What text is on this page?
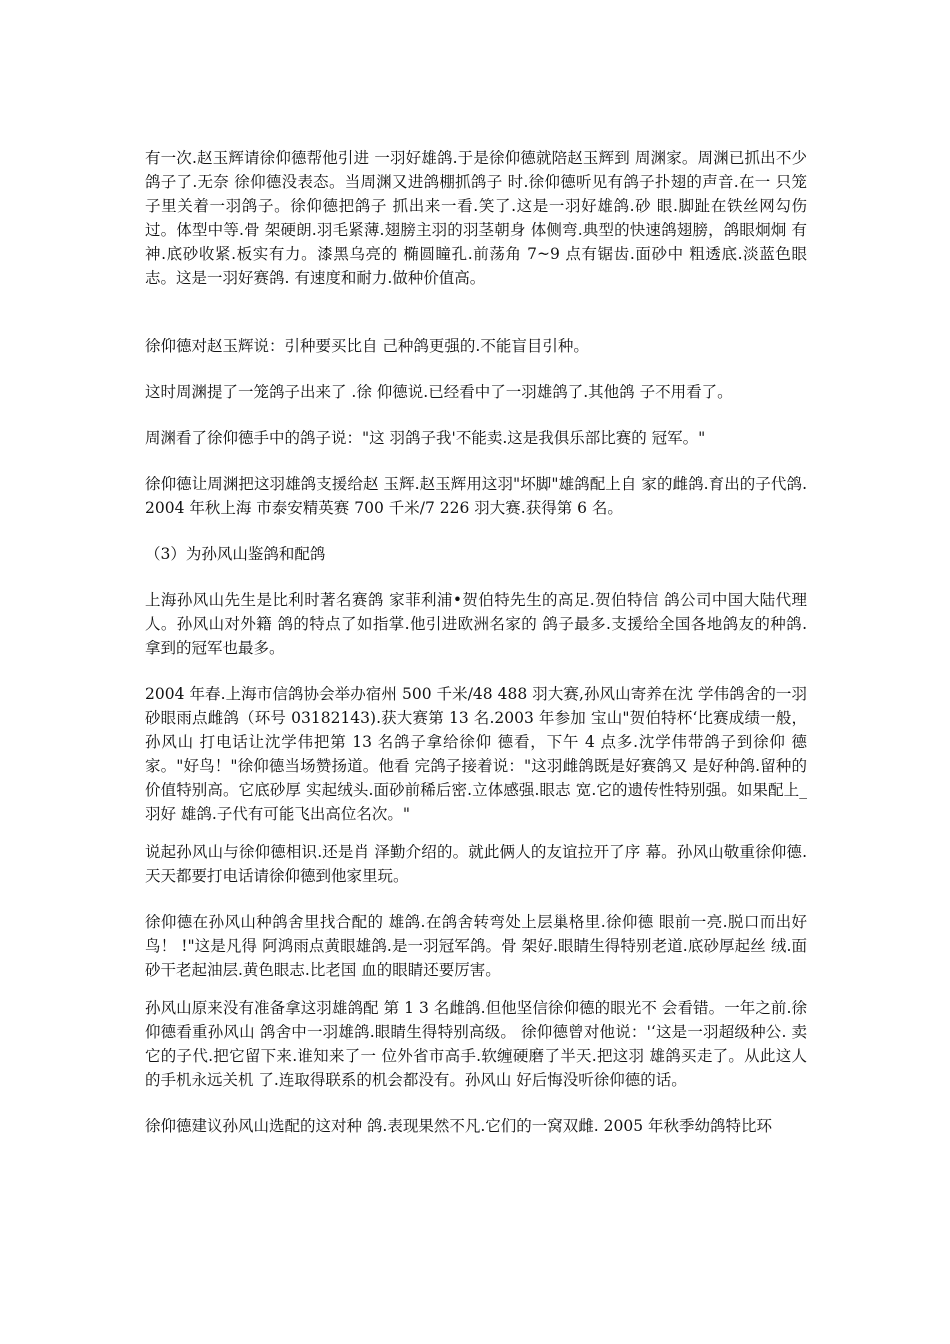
有一次.赵玉辉请徐仰德帮他引进 一羽好雄鸽.于是徐仰德就陪赵玉辉到 周渊家。周渊已抓出不少鸽子了.无奈 徐仰德没表态。当周渊又进鸽棚抓鸽子 时.徐仰德听见有鸽子扑翅的声音.在一 只笼子里关着一羽鸽子。徐仰德把鸽子 抓出来一看.笑了.这是一羽好雄鸽.砂 眼.脚趾在铁丝网勾伤过。体型中等.骨 架硬朗.羽毛紧薄.翅膀主羽的羽茎朝身 体侧弯.典型的快速鸽翅膀，鸽眼炯炯 有神.底砂收紧.板实有力。漆黑乌亮的 椭圆瞳孔.前荡角 7~9 点有锯齿.面砂中 粗透底.淡蓝色眼志。这是一羽好赛鸽. 有速度和耐力.做种价值高。

徐仰德对赵玉辉说：引种要买比自 己种鸽更强的.不能盲目引种。

这时周渊提了一笼鸽子出来了 .徐 仰德说.已经看中了一羽雄鸽了.其他鸽 子不用看了。

周渊看了徐仰德手中的鸽子说："这 羽鸽子我'不能卖.这是我俱乐部比赛的 冠军。"

徐仰德让周渊把这羽雄鸽支援给赵 玉辉.赵玉辉用这羽"坏脚"雄鸽配上自 家的雌鸽.育出的子代鸽.2004 年秋上海 市泰安精英赛 700 千米/7 226 羽大赛.获得第 6 名。

（3）为孙风山鉴鸽和配鸽

上海孙风山先生是比利时著名赛鸽 家菲利浦•贺伯特先生的高足.贺伯特信 鸽公司中国大陆代理人。孙风山对外籍 鸽的特点了如指掌.他引进欧洲名家的 鸽子最多.支援给全国各地鸽友的种鸽. 拿到的冠军也最多。

2004 年春.上海市信鸽协会举办宿州 500 千米/48 488 羽大赛,孙风山寄养在沈 学伟鸽舍的一羽砂眼雨点雌鸽（环号 03182143).获大赛第 13 名.2003 年参加 宝山"贺伯特杯‘比赛成绩一般，孙风山 打电话让沈学伟把第 13 名鸽子拿给徐仰 德看，下午 4 点多.沈学伟带鸽子到徐仰 德家。"好鸟！"徐仰德当场赞扬道。他看 完鸽子接着说："这羽雌鸽既是好赛鸽又 是好种鸽.留种的价值特别高。它底砂厚 实起绒头.面砂前稀后密.立体感强.眼志 宽.它的遗传性特别强。如果配上_羽好 雄鸽.子代有可能飞出高位名次。"

说起孙风山与徐仰德相识.还是肖 泽勤介绍的。就此俩人的友谊拉开了序 幕。孙风山敬重徐仰德.天天都要打电话请徐仰德到他家里玩。

徐仰德在孙风山种鸽舍里找合配的 雄鸽.在鸽舍转弯处上层巢格里.徐仰德 眼前一亮.脱口而出好鸟！ !"这是凡得 阿鸿雨点黄眼雄鸽.是一羽冠军鸽。骨 架好.眼睛生得特别老道.底砂厚起丝 绒.面砂干老起油层.黄色眼志.比老国 血的眼睛还要厉害。

孙风山原来没有准备拿这羽雄鸽配 第 1 3 名雌鸽.但他坚信徐仰德的眼光不 会看错。一年之前.徐仰德看重孙风山 鸽舍中一羽雄鸽.眼睛生得特别高级。 徐仰德曾对他说：'‘这是一羽超级种公. 卖它的子代.把它留下来.谁知来了一 位外省市高手.软缠硬磨了半天.把这羽 雄鸽买走了。从此这人的手机永远关机 了.连取得联系的机会都没有。孙风山 好后悔没听徐仰德的话。

徐仰德建议孙风山选配的这对种 鸽.表现果然不凡.它们的一窝双雌. 2005 年秋季幼鸽特比环
